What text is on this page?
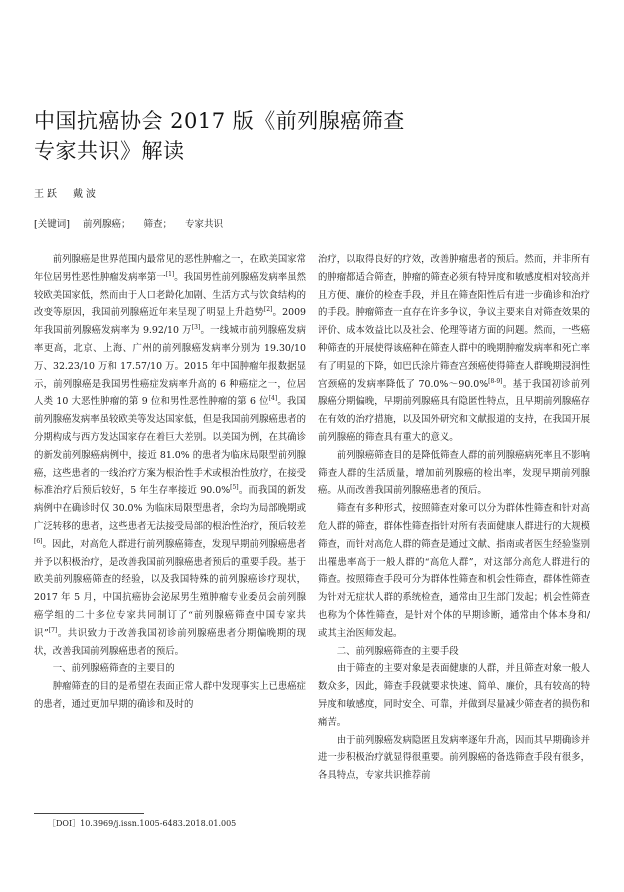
中国抗癌协会 2017 版《前列腺癌筛查
专家共识》解读
王跃　戴波
[关键词] 前列腺癌； 筛查； 专家共识

前列腺癌是世界范围内最常见的恶性肿瘤之一，在欧美国家常年位居男性恶性肿瘤发病率第一[1]。我国男性前列腺癌发病率虽然较欧美国家低，然而由于人口老龄化加剧、生活方式与饮食结构的改变等原因，我国前列腺癌近年来呈现了明显上升趋势[2]。2009 年我国前列腺癌发病率为 9.92/10 万[3]。一线城市前列腺癌发病率更高，北京、上海、广州的前列腺癌发病率分别为 19.30/10 万、32.23/10 万和 17.57/10 万。2015 年中国肿瘤年报数据显示，前列腺癌是我国男性癌症发病率升高的 6 种癌症之一，位居人类 10 大恶性肿瘤的第 9 位和男性恶性肿瘤的第 6 位[4]。我国前列腺癌发病率虽较欧美等发达国家低，但是我国前列腺癌患者的分期构成与西方发达国家存在着巨大差别。以美国为例，在其确诊的新发前列腺癌病例中，接近 81.0% 的患者为临床局限型前列腺癌，这些患者的一线治疗方案为根治性手术或根治性放疗，在接受标准治疗后预后较好，5 年生存率接近 90.0%[5]。而我国的新发病例中在确诊时仅 30.0% 为临床局限型患者，余均为局部晚期或广泛转移的患者，这些患者无法接受局部的根治性治疗，预后较差[6]。因此，对高危人群进行前列腺癌筛查，发现早期前列腺癌患者并予以积极治疗，是改善我国前列腺癌患者预后的重要手段。基于欧美前列腺癌筛查的经验，以及我国特殊的前列腺癌诊疗现状，2017 年 5 月，中国抗癌协会泌尿男生殖肿瘤专业委员会前列腺癌学组的二十多位专家共同制订了“前列腺癌筛查中国专家共识”[7]。共识致力于改善我国初诊前列腺癌患者分期偏晚期的现状，改善我国前列腺癌患者的预后。

一、前列腺癌筛查的主要目的

肿瘤筛查的目的是希望在表面正常人群中发现事实上已患癌症的患者，通过更加早期的确诊和及时的

治疗，以取得良好的疗效，改善肿瘤患者的预后。然而，并非所有的肿瘤都适合筛查，肿瘤的筛查必须有特异度和敏感度相对较高并且方便、廉价的检查手段，并且在筛查阳性后有进一步确诊和治疗的手段。肿瘤筛查一直存在许多争议，争议主要来自对筛查效果的评价、成本效益比以及社会、伦理等诸方面的问题。然而，一些癌种筛查的开展使得该癌种在筛查人群中的晚期肿瘤发病率和死亡率有了明显的下降，如巴氏涂片筛查宫颈癌使得筛查人群晚期浸润性宫颈癌的发病率降低了 70.0%～90.0%[8-9]。基于我国初诊前列腺癌分期偏晚，早期前列腺癌具有隐匿性特点，且早期前列腺癌存在有效的治疗措施，以及国外研究和文献报道的支持，在我国开展前列腺癌的筛查具有重大的意义。

前列腺癌筛查目的是降低筛查人群的前列腺癌病死率且不影响筛查人群的生活质量，增加前列腺癌的检出率，发现早期前列腺癌。从而改善我国前列腺癌患者的预后。

筛查有多种形式，按照筛查对象可以分为群体性筛查和针对高危人群的筛查，群体性筛查指针对所有表面健康人群进行的大规模筛查，而针对高危人群的筛查是通过文献、指南或者医生经验鉴别出罹患率高于一般人群的“高危人群”，对这部分高危人群进行的筛查。按照筛查手段可分为群体性筛查和机会性筛查，群体性筛查为针对无症状人群的系统检查，通常由卫生部门发起；机会性筛查也称为个体性筛查，是针对个体的早期诊断，通常由个体本身和/或其主治医师发起。

二、前列腺癌筛查的主要手段

由于筛查的主要对象是表面健康的人群，并且筛查对象一般人数众多，因此，筛查手段就要求快速、简单、廉价，具有较高的特异度和敏感度，同时安全、可靠，并做到尽量减少筛查者的损伤和痛苦。

由于前列腺癌发病隐匿且发病率逐年升高，因而其早期确诊并进一步积极治疗就显得很重要。前列腺癌的备选筛查手段有很多，各具特点，专家共识推荐前

［DOI］10.3969/j.issn.1005-6483.2018.01.005
